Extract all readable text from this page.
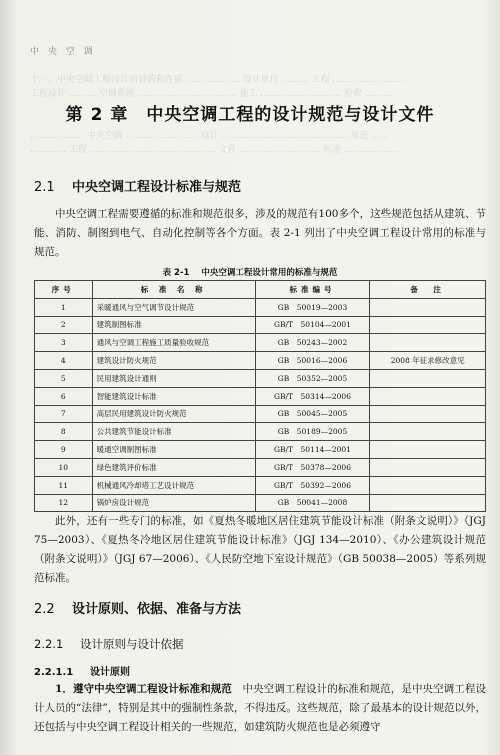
中 央 空 调
十一、中央空调工程设计的目的和性质 ……………… 设计单位 ……… 工程 ……………………
工程设计 ……… 空调系统 …………………………… 施工 ……………………… 验收 ………
第 2 章 中央空调工程的设计规范与设计文件
……………… 中央空调 …………………… 设计 …………………………………… 规范 ……
………… 工程 …………………………………… 文件 ……………………… 标准 ………………
2.1 中央空调工程设计标准与规范
中央空调工程需要遵循的标准和规范很多，涉及的规范有100多个，这些规范包括从建筑、节能、消防、制图到电气、自动化控制等各个方面。表 2-1 列出了中央空调工程设计常用的标准与规范。
表 2-1 中央空调工程设计常用的标准与规范
序号	标 准 名 称	标准编号	备　注
1	采暖通风与空气调节设计规范	GB　50019—2003	
2	建筑制图标准	GB/T　50104—2001	
3	通风与空调工程施工质量验收规范	GB　50243—2002	
4	建筑设计防火规范	GB　50016—2006	2008 年征求修改意见
5	民用建筑设计通则	GB　50352—2005	
6	智能建筑设计标准	GB/T　50314—2006	
7	高层民用建筑设计防火规范	GB　50045—2005	
8	公共建筑节能设计标准	GB　50189—2005	
9	暖通空调制图标准	GB/T　50114—2001	
10	绿色建筑评价标准	GB/T　50378—2006	
11	机械通风冷却塔工艺设计规范	GB/T　50392—2006	
12	锅炉房设计规范	GB　50041—2008	
此外，还有一些专门的标准，如《夏热冬暖地区居住建筑节能设计标准（附条文说明）》（JGJ 75—2003）、《夏热冬冷地区居住建筑节能设计标准》（JGJ 134—2010）、《办公建筑设计规范（附条文说明）》（JGJ 67—2006）、《人民防空地下室设计规范》（GB 50038—2005）等系列规范标准。
2.2 设计原则、依据、准备与方法
2.2.1 设计原则与设计依据
2.2.1.1 设计原则
1．遵守中央空调工程设计标准和规范　 中央空调工程设计的标准和规范，是中央空调工程设计人员的“法律”，特别是其中的强制性条款，不得违反。这些规范，除了最基本的设计规范以外，还包括与中央空调工程设计相关的一些规范，如建筑防火规范也是必须遵守
